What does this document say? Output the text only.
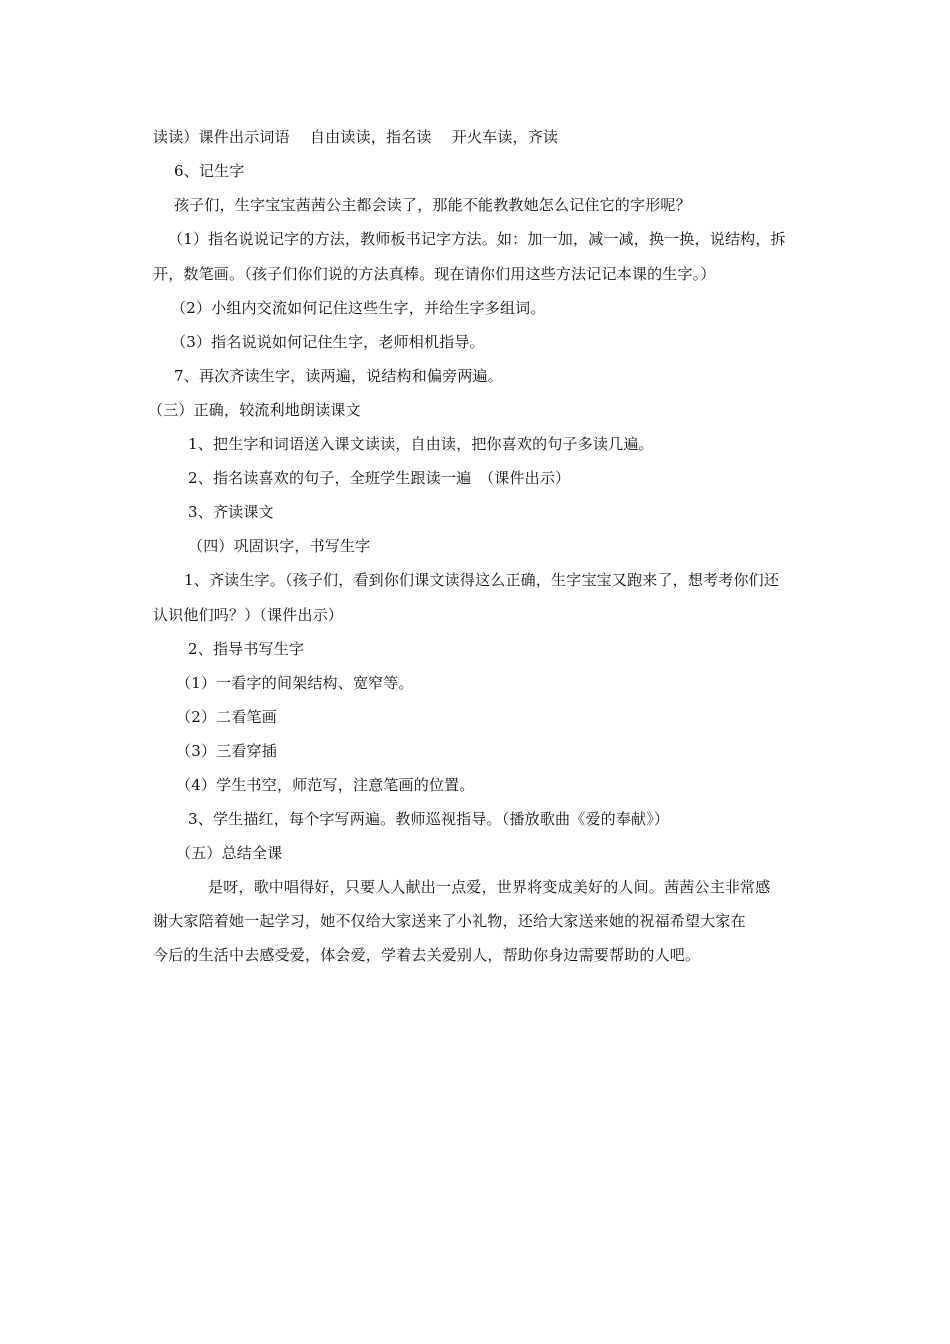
读读）课件出示词语　 自由读读，指名读　 开火车读，齐读
6、记生字
孩子们，生字宝宝茜茜公主都会读了，那能不能教教她怎么记住它的字形呢？
（1）指名说说记字的方法，教师板书记字方法。如：加一加，减一减，换一换，说结构，拆
开，数笔画。（孩子们你们说的方法真棒。现在请你们用这些方法记记本课的生字。）
（2）小组内交流如何记住这些生字，并给生字多组词。
（3）指名说说如何记住生字，老师相机指导。
7、再次齐读生字，读两遍，说结构和偏旁两遍。
（三）正确，较流利地朗读课文
1、把生字和词语送入课文读读，自由读，把你喜欢的句子多读几遍。
2、指名读喜欢的句子，全班学生跟读一遍　（课件出示）
3、齐读课文
（四）巩固识字，书写生字
1、齐读生字。（孩子们，看到你们课文读得这么正确，生字宝宝又跑来了，想考考你们还
认识他们吗？）（课件出示）
2、指导书写生字
（1）一看字的间架结构、宽窄等。
（2）二看笔画
（3）三看穿插
（4）学生书空，师范写，注意笔画的位置。
3、学生描红，每个字写两遍。教师巡视指导。（播放歌曲《爱的奉献》）
（五）总结全课
是呀，歌中唱得好，只要人人献出一点爱，世界将变成美好的人间。茜茜公主非常感
谢大家陪着她一起学习，她不仅给大家送来了小礼物，还给大家送来她的祝福希望大家在
今后的生活中去感受爱，体会爱，学着去关爱别人，帮助你身边需要帮助的人吧。
